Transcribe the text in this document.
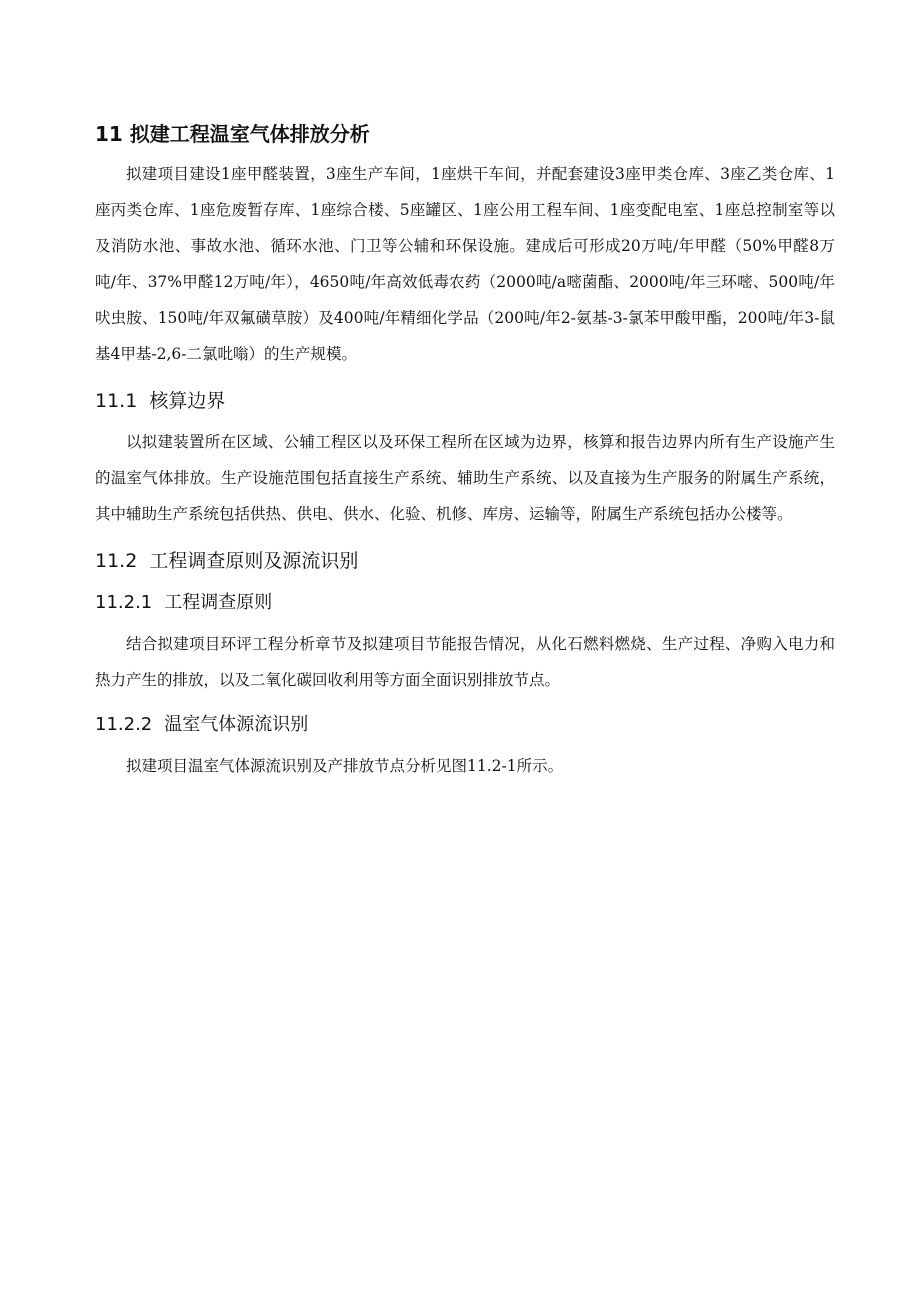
11 拟建工程温室气体排放分析

拟建项目建设1座甲醛装置，3座生产车间，1座烘干车间，并配套建设3座甲类仓库、3座乙类仓库、1座丙类仓库、1座危废暂存库、1座综合楼、5座罐区、1座公用工程车间、1座变配电室、1座总控制室等以及消防水池、事故水池、循环水池、门卫等公辅和环保设施。建成后可形成20万吨/年甲醛（50%甲醛8万吨/年、37%甲醛12万吨/年），4650吨/年高效低毒农药（2000吨/a嘧菌酯、2000吨/年三环嘧、500吨/年吠虫胺、150吨/年双氟磺草胺）及400吨/年精细化学品（200吨/年2-氨基-3-氯苯甲酸甲酯，200吨/年3-鼠基4甲基-2,6-二氯吡嗡）的生产规模。

11.1 核算边界

以拟建装置所在区域、公辅工程区以及环保工程所在区域为边界，核算和报告边界内所有生产设施产生的温室气体排放。生产设施范围包括直接生产系统、辅助生产系统、以及直接为生产服务的附属生产系统，其中辅助生产系统包括供热、供电、供水、化验、机修、库房、运输等，附属生产系统包括办公楼等。

11.2 工程调查原则及源流识别
11.2.1 工程调查原则

结合拟建项目环评工程分析章节及拟建项目节能报告情况，从化石燃料燃烧、生产过程、净购入电力和热力产生的排放，以及二氧化碳回收利用等方面全面识别排放节点。

11.2.2 温室气体源流识别

拟建项目温室气体源流识别及产排放节点分析见图11.2-1所示。
